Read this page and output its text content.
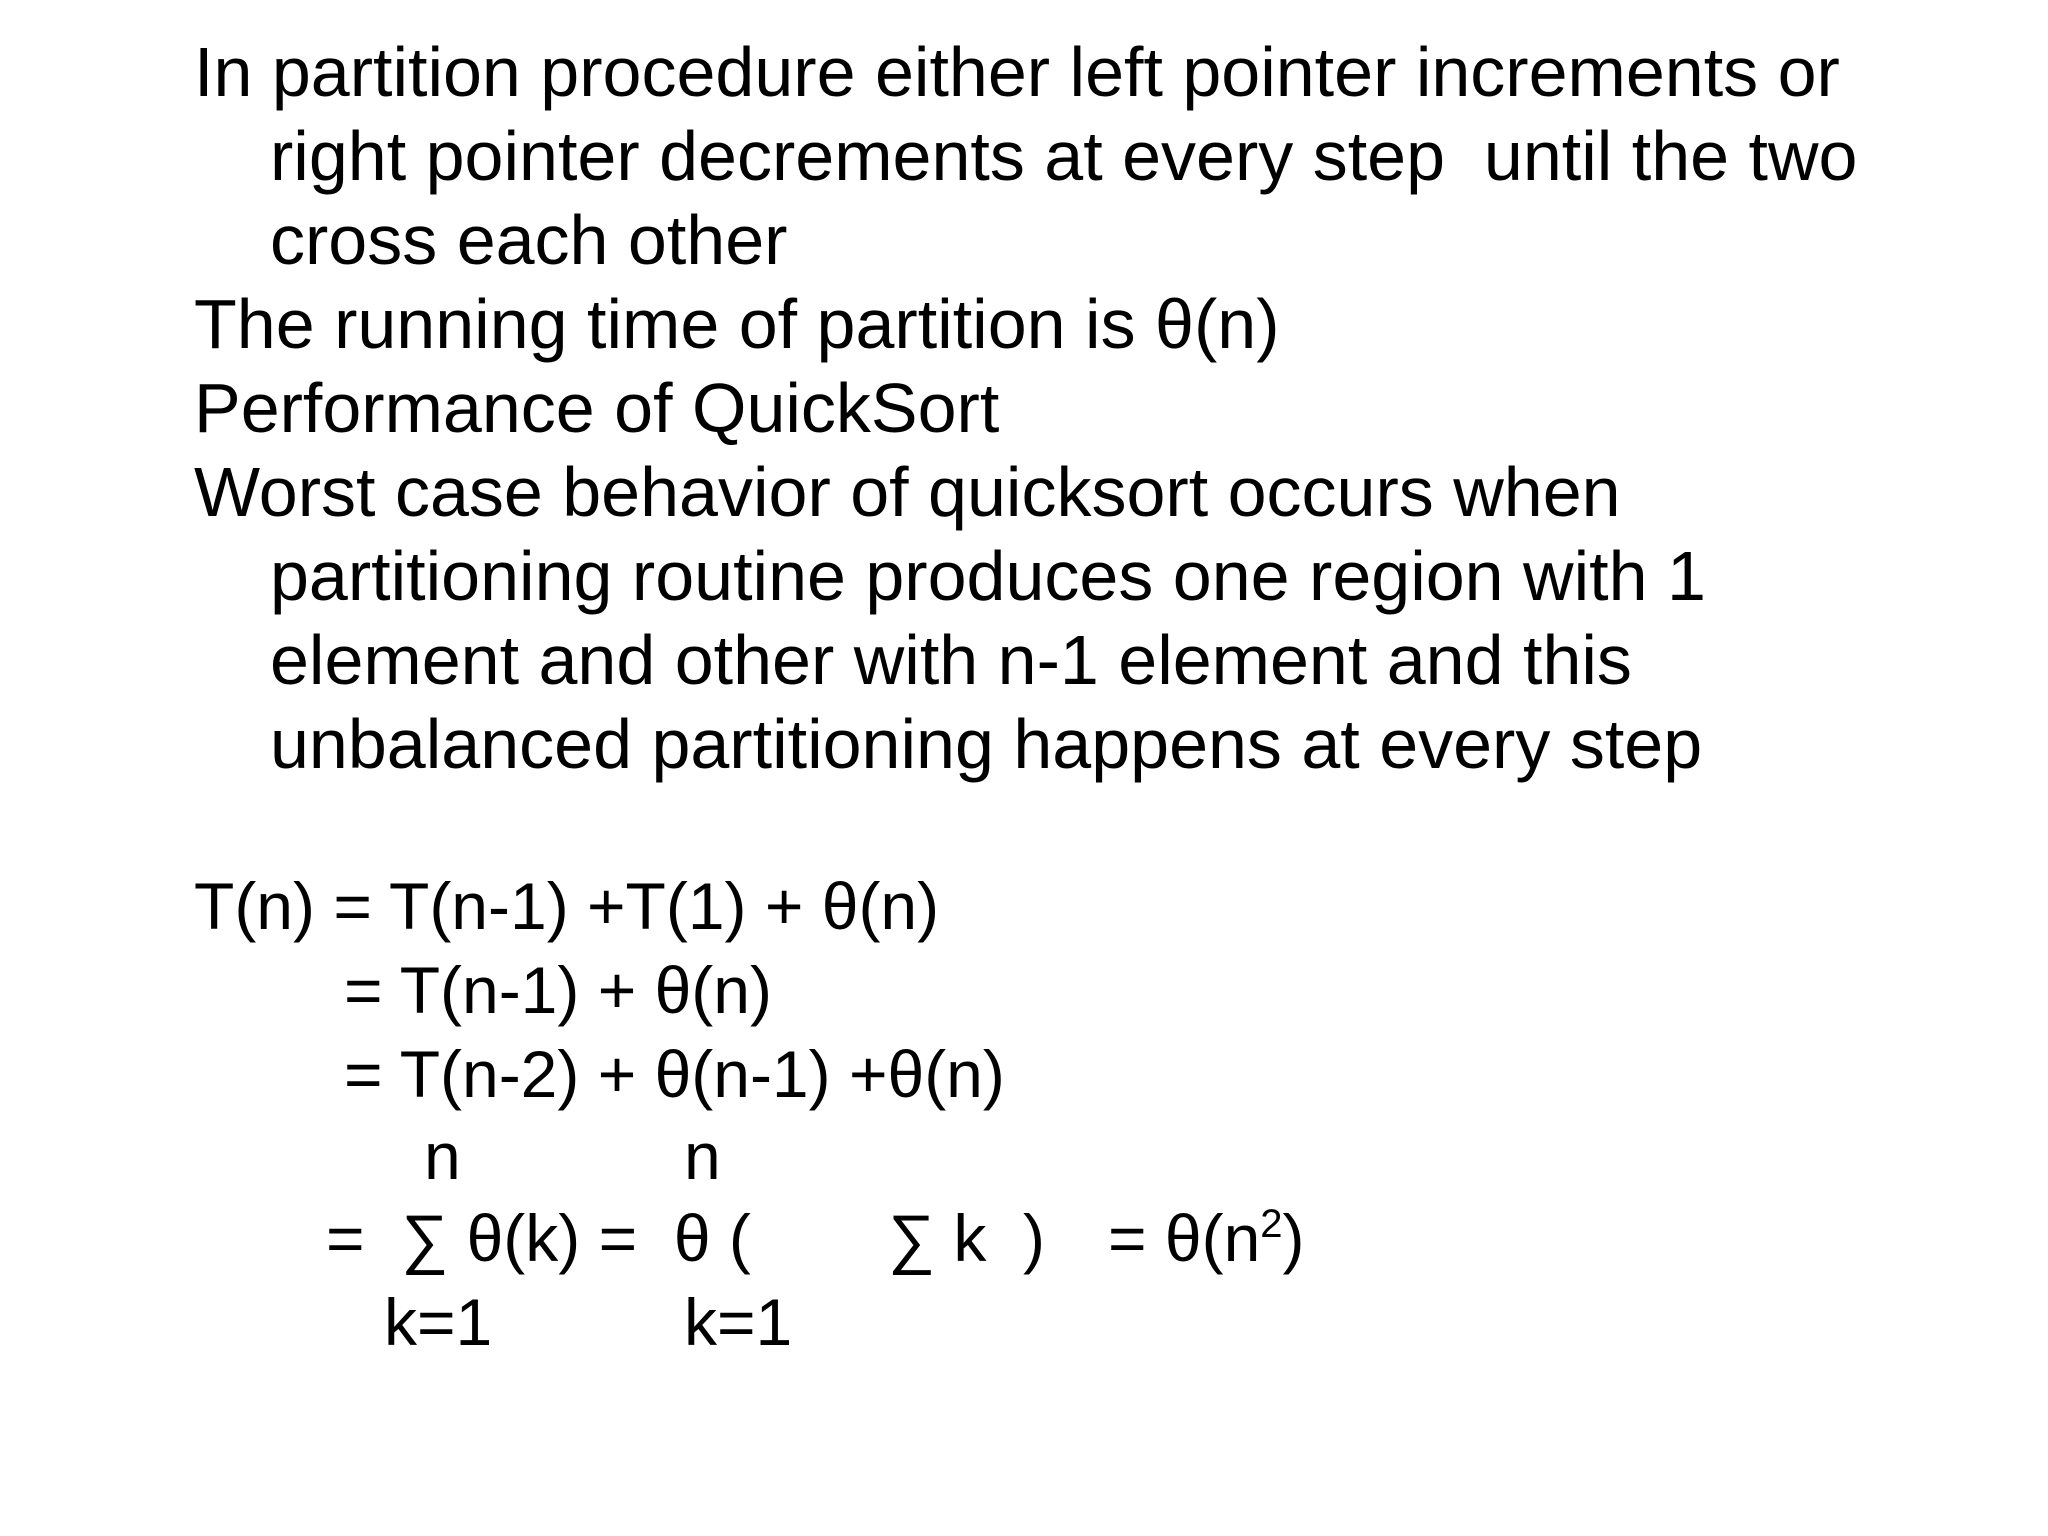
In partition procedure either left pointer increments or
right pointer decrements at every step  until the two
cross each other
The running time of partition is θ(n)
Performance of QuickSort
Worst case behavior of quicksort occurs when
partitioning routine produces one region with 1
element and other with n-1 element and this
unbalanced partitioning happens at every step
T(n) = T(n-1) +T(1) + θ(n)
= T(n-1) + θ(n)
= T(n-2) + θ(n-1) +θ(n)
n	n
=  ∑ θ(k) =  θ ( ∑ k  ) = $\theta(n^2)$
k=1	k=1
